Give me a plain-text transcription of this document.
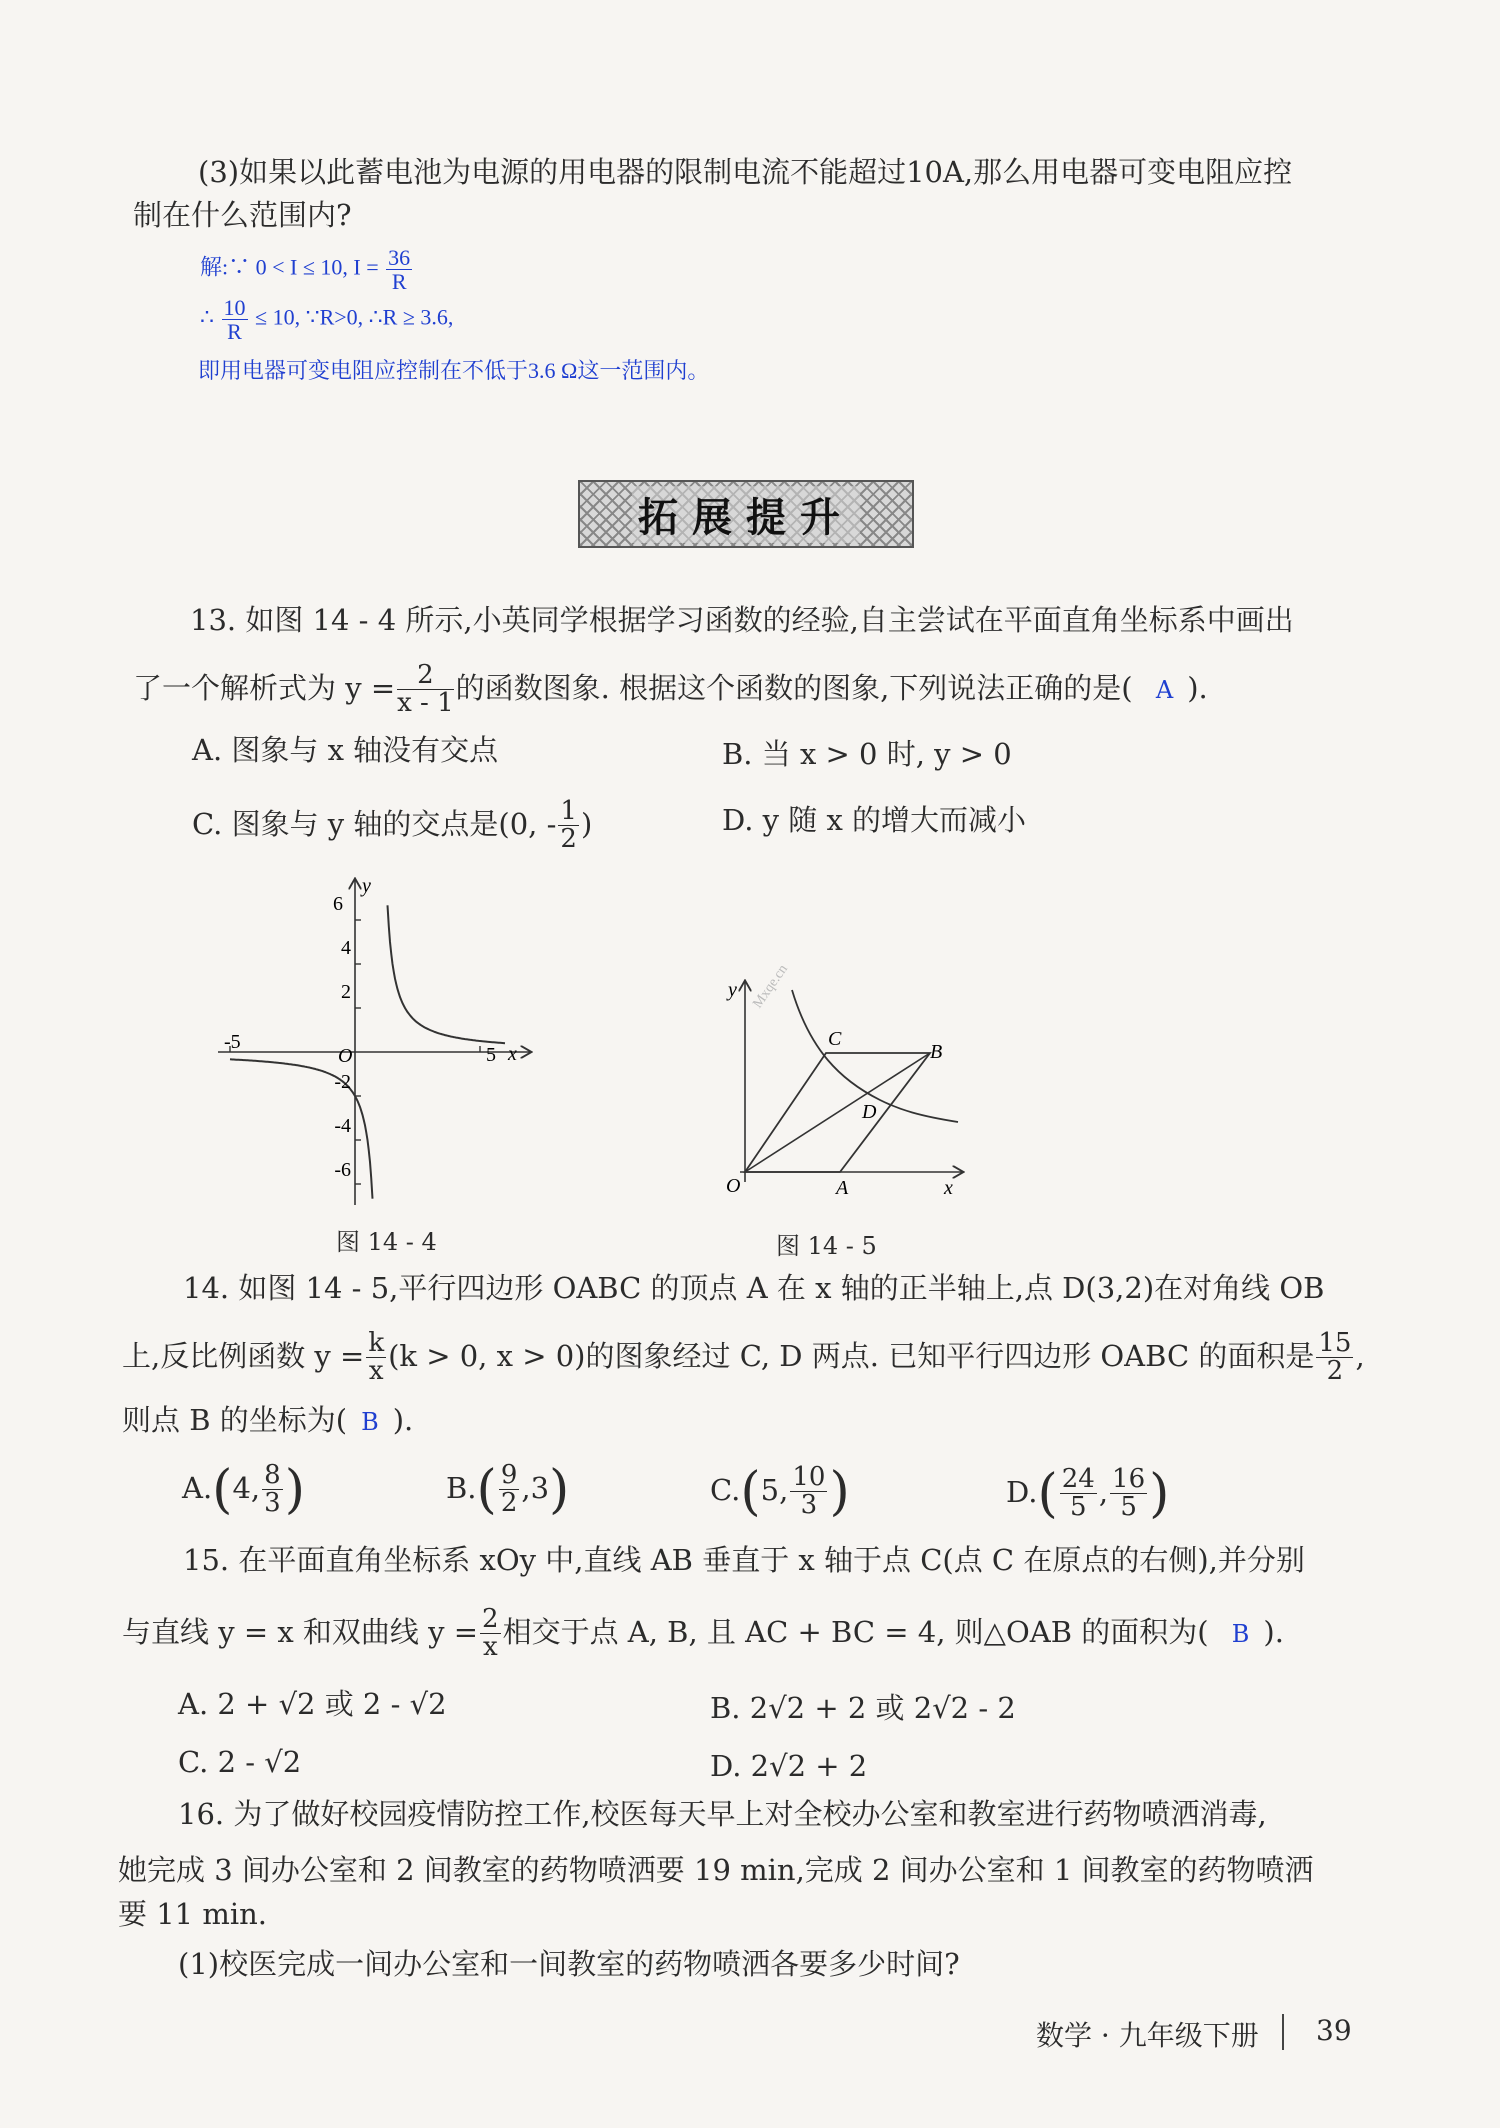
(3)如果以此蓄电池为电源的用电器的限制电流不能超过10A,那么用电器可变电阻应控
制在什么范围内?
解:∵ 0 < I ≤ 10, $I = \frac{36}{R}$
∴ $\frac{10}{R} \le 10$, ∵R>0, ∴R ≥ 3.6,
即用电器可变电阻应控制在不低于3.6 Ω这一范围内。
拓展提升
13. 如图 14 - 4 所示,小英同学根据学习函数的经验,自主尝试在平面直角坐标系中画出
了一个解析式为 $y = \frac{2}{x - 1}$ 的函数图象. 根据这个函数的图象,下列说法正确的是( A ).
A. 图象与 x 轴没有交点	B. 当 x > 0 时, y > 0
C. 图象与 y 轴的交点是(0, - $\frac{1}{2}$ )	D. y 随 x 的增大而减小
-5
5 x
y
O
6
4
2
-2
-4
-6
图 14 - 4
C
B
D
O	A	x
y Mxqe.cn
图 14 - 5
14. 如图 14 - 5,平行四边形 OABC 的顶点 A 在 x 轴的正半轴上,点 D(3,2)在对角线 OB
上,反比例函数 $y = \frac{k}{x} (k > 0$, x > 0)的图象经过 C, D 两点. 已知平行四边形 OABC 的面积是 $\frac{15}{2}$ ,
则点 B 的坐标为( B ).
A.(4, $\frac{8}{3}$ )	$B.( \frac{9}{2} ,3)$	C.(5, $\frac{10}{3}$ )	$D.( \frac{24}{5}$ , $\frac{16}{5}$ )
15. 在平面直角坐标系 xOy 中,直线 AB 垂直于 x 轴于点 C(点 C 在原点的右侧),并分别
与直线 y = x 和双曲线 $y = \frac{2}{x}$ 相交于点 A, B, 且 AC + BC = 4, 则△OAB 的面积为( B ).
A. 2 + √2 或 2 - √2	B. 2√2 + 2 或 2√2 - 2
C. 2 - √2	D. 2√2 + 2
16. 为了做好校园疫情防控工作,校医每天早上对全校办公室和教室进行药物喷洒消毒,
她完成 3 间办公室和 2 间教室的药物喷洒要 19 min,完成 2 间办公室和 1 间教室的药物喷洒
要 11 min.
(1)校医完成一间办公室和一间教室的药物喷洒各要多少时间?
数学 · 九年级下册 39
